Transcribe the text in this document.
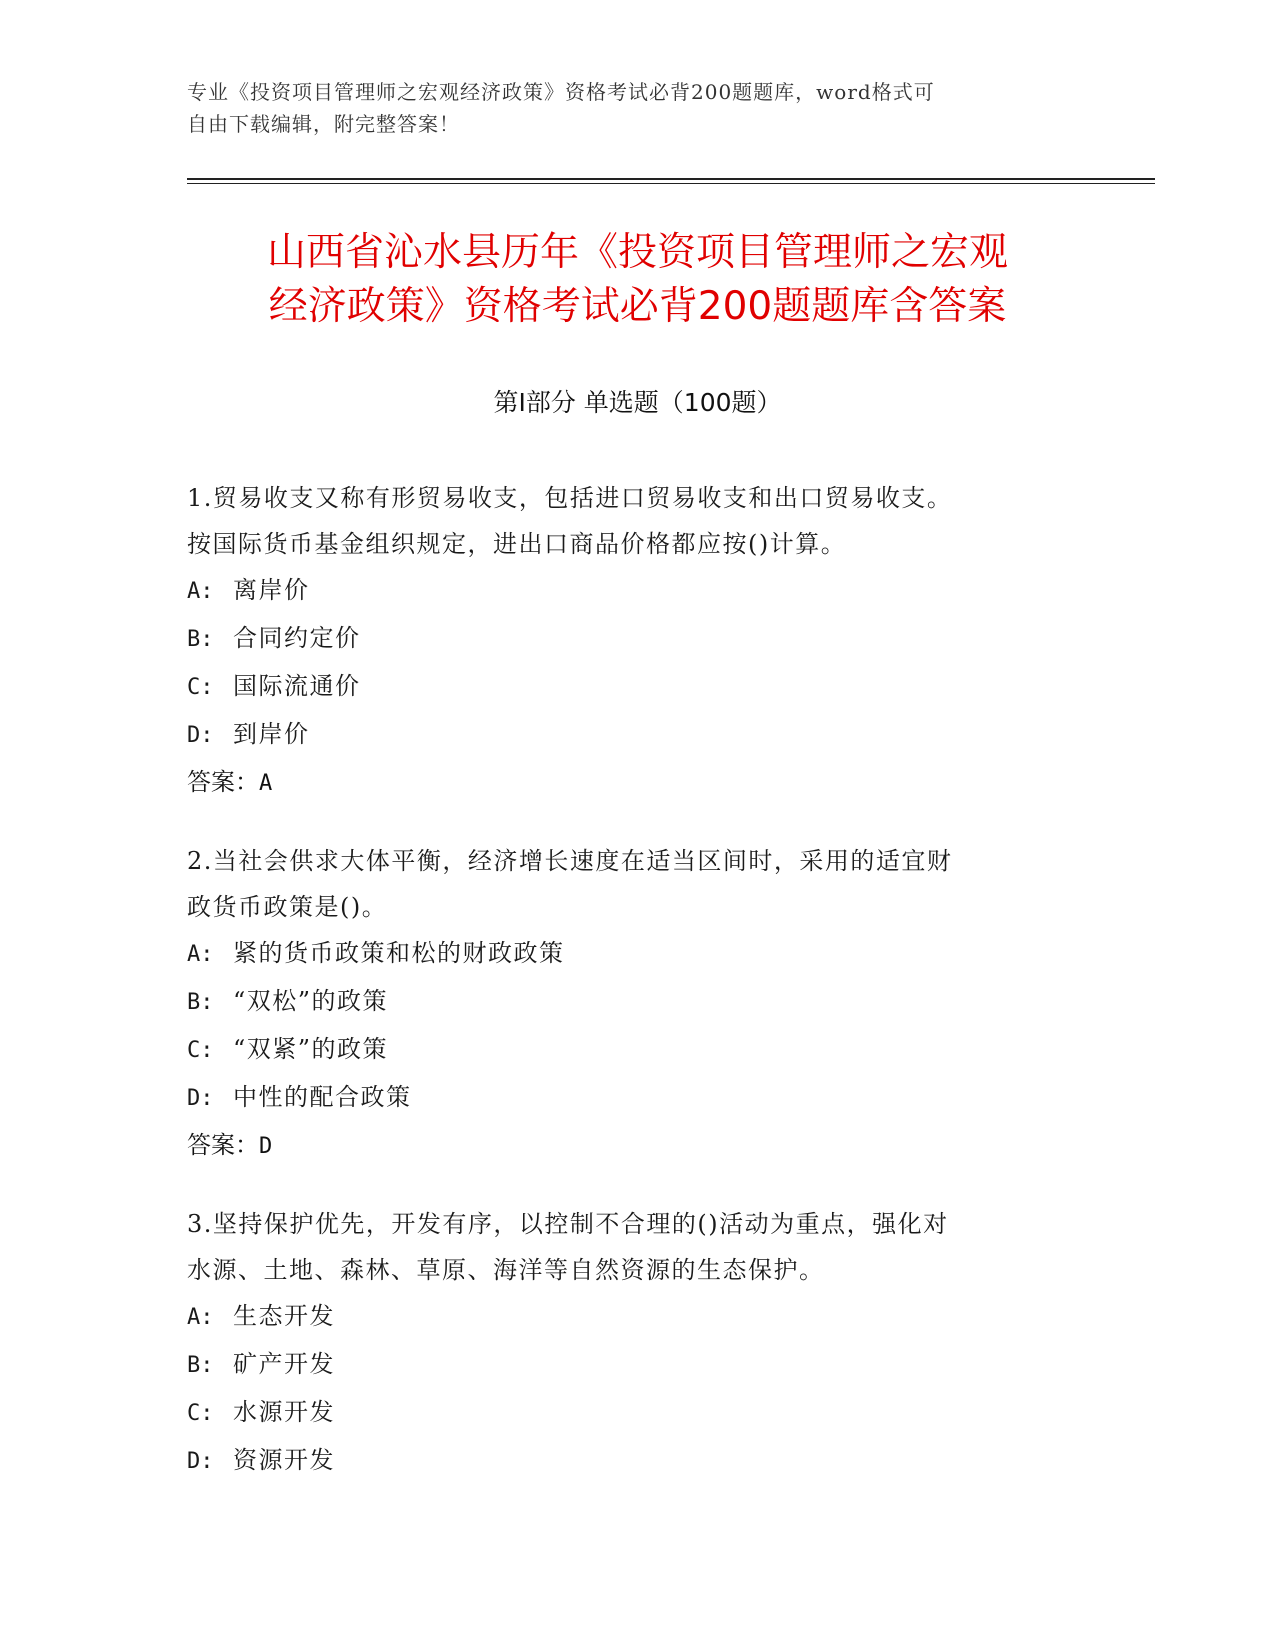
专业《投资项目管理师之宏观经济政策》资格考试必背200题题库，word格式可
自由下载编辑，附完整答案！
山西省沁水县历年《投资项目管理师之宏观
经济政策》资格考试必背200题题库含答案
第Ⅰ部分 单选题（100题）
1.贸易收支又称有形贸易收支，包括进口贸易收支和出口贸易收支。
按国际货币基金组织规定，进出口商品价格都应按()计算。
A: 离岸价
B: 合同约定价
C: 国际流通价
D: 到岸价
答案：A
2.当社会供求大体平衡，经济增长速度在适当区间时，采用的适宜财
政货币政策是()。
A: 紧的货币政策和松的财政政策
B: “双松”的政策
C: “双紧”的政策
D: 中性的配合政策
答案：D
3.坚持保护优先，开发有序，以控制不合理的()活动为重点，强化对
水源、土地、森林、草原、海洋等自然资源的生态保护。
A: 生态开发
B: 矿产开发
C: 水源开发
D: 资源开发
